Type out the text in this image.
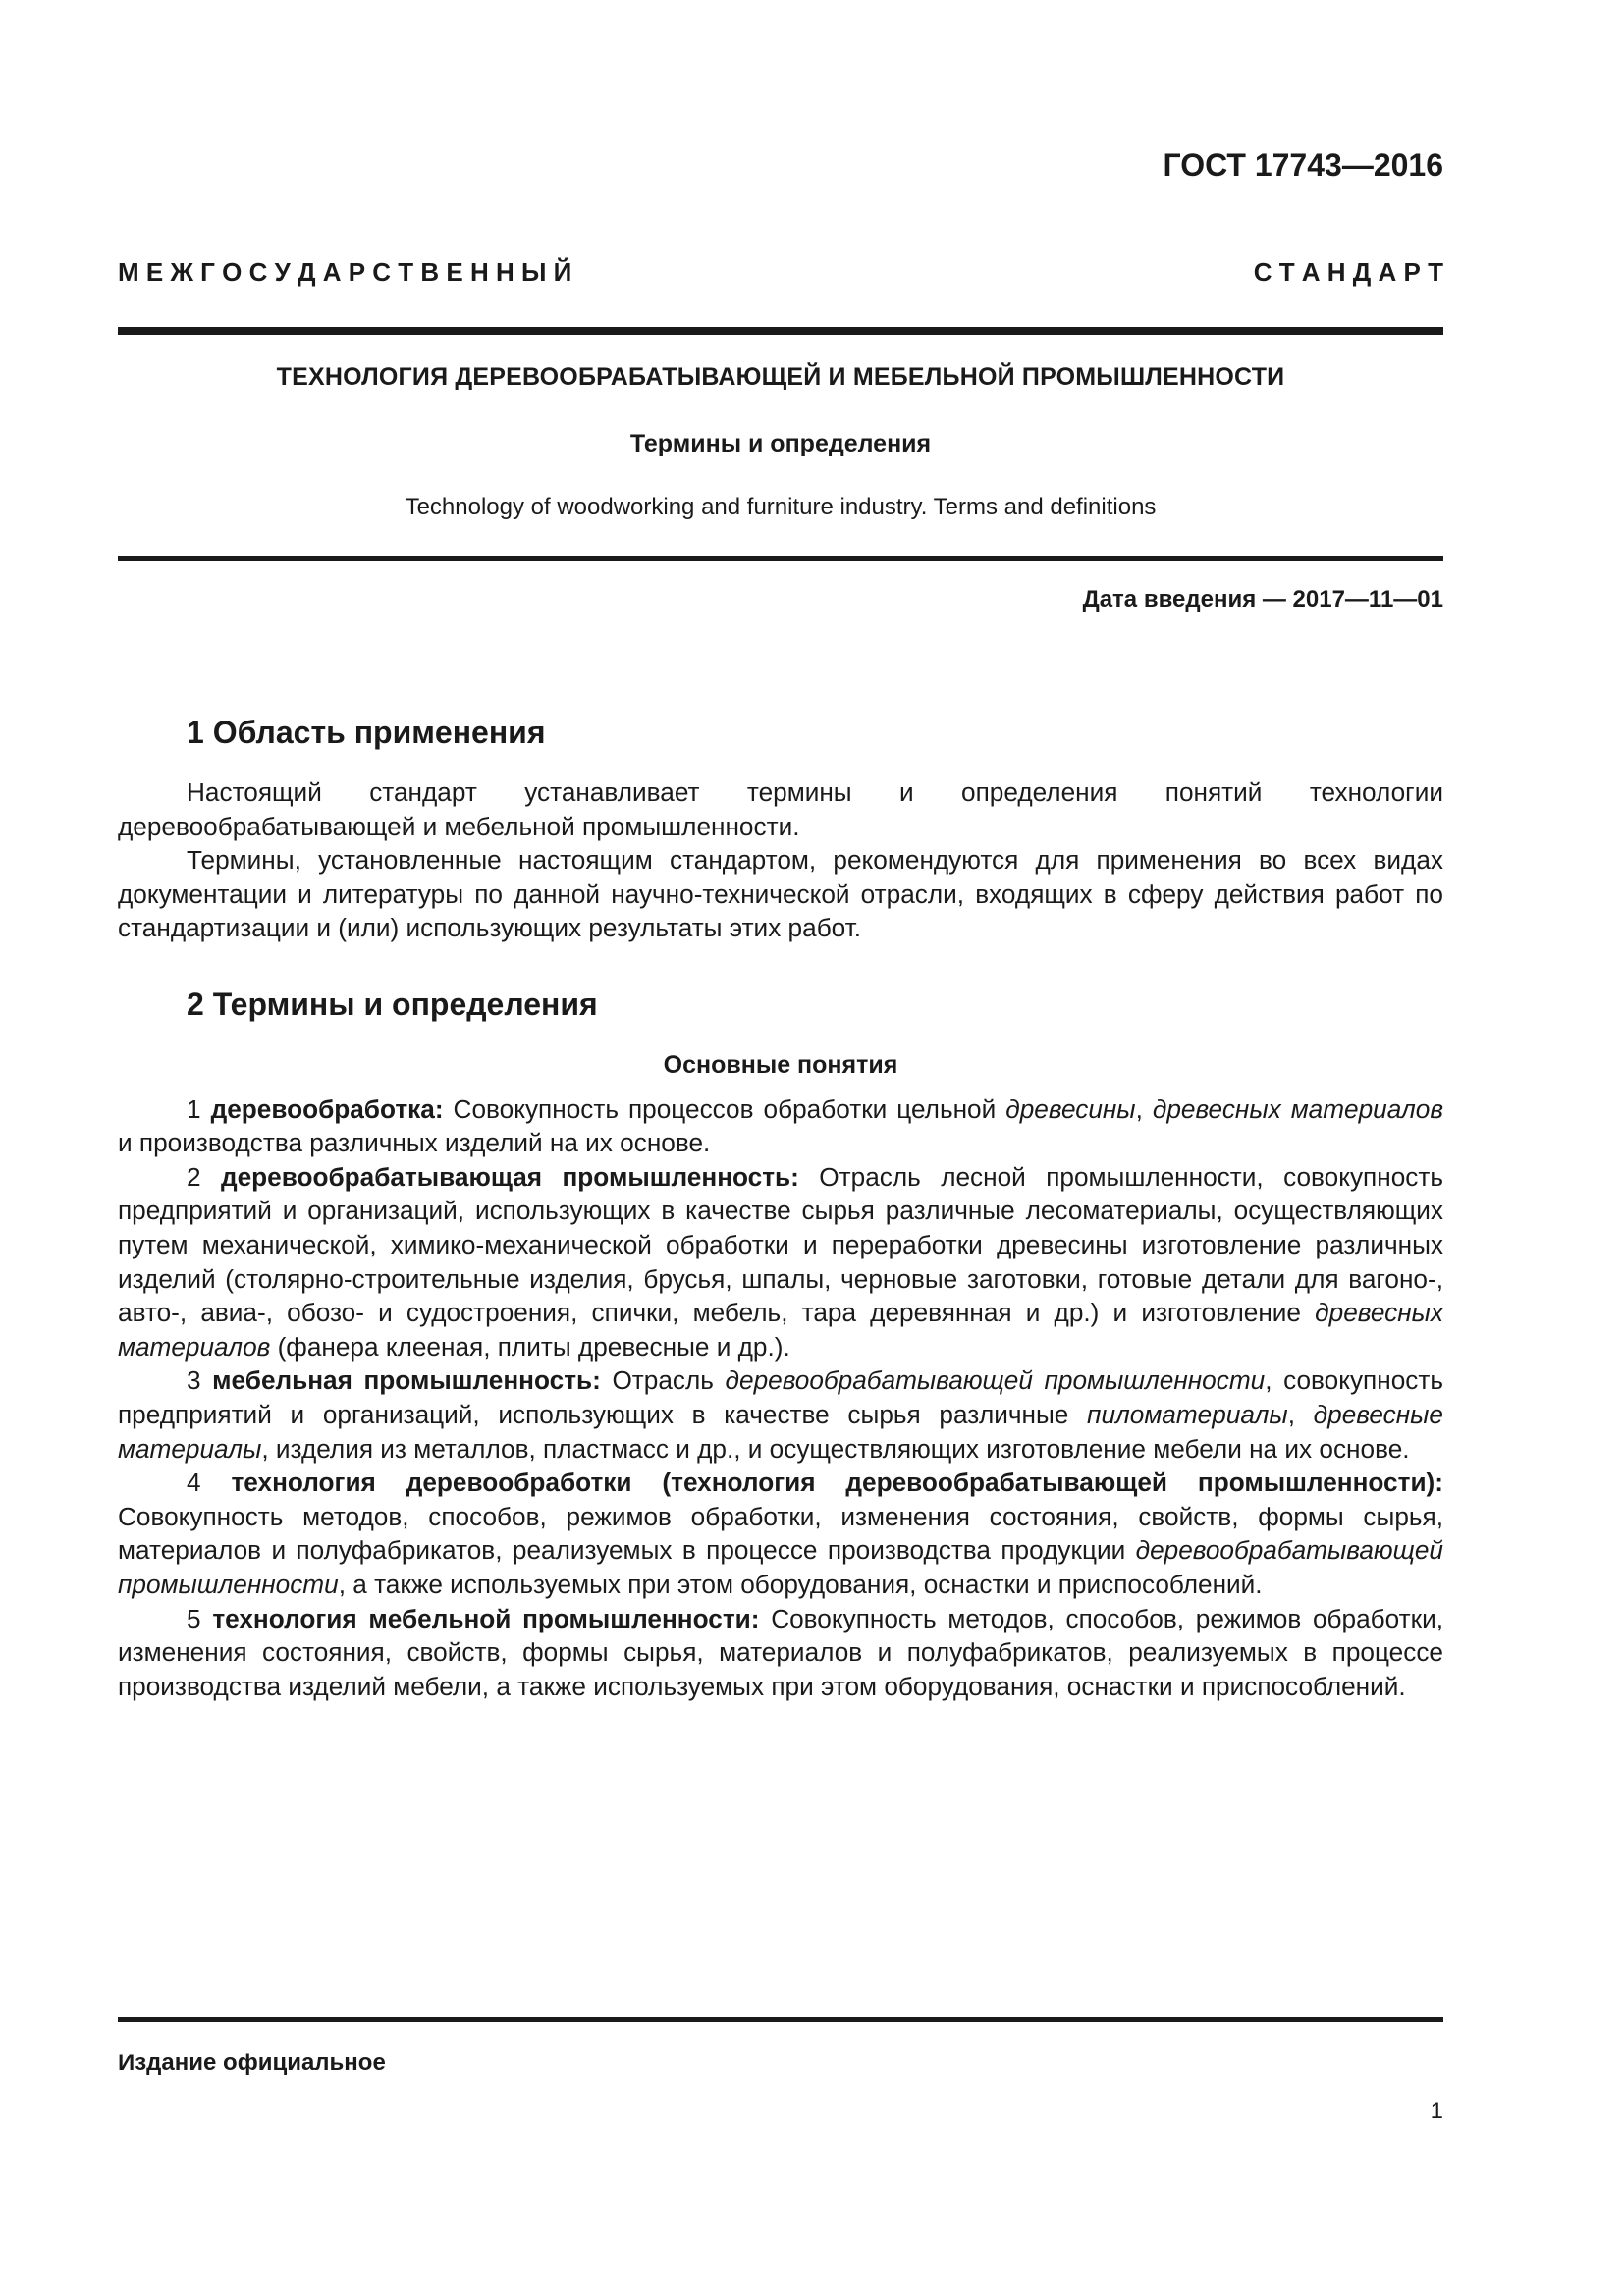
ГОСТ 17743—2016
М Е Ж Г О С У Д А Р С Т В Е Н Н Ы Й	С Т А Н Д А Р Т
ТЕХНОЛОГИЯ ДЕРЕВООБРАБАТЫВАЮЩЕЙ И МЕБЕЛЬНОЙ ПРОМЫШЛЕННОСТИ
Термины и определения
Technology of woodworking and furniture industry. Terms and definitions
Дата введения — 2017—11—01
1 Область применения

Настоящий стандарт устанавливает термины и определения понятий технологии деревообрабатывающей и мебельной промышленности.

Термины, установленные настоящим стандартом, рекомендуются для применения во всех видах документации и литературы по данной научно-технической отрасли, входящих в сферу действия работ по стандартизации и (или) использующих результаты этих работ.

2 Термины и определения
Основные понятия

1 деревообработка: Совокупность процессов обработки цельной древесины, древесных материалов и производства различных изделий на их основе.

2 деревообрабатывающая промышленность: Отрасль лесной промышленности, совокупность предприятий и организаций, использующих в качестве сырья различные лесоматериалы, осуществляющих путем механической, химико-механической обработки и переработки древесины изготовление различных изделий (столярно-строительные изделия, брусья, шпалы, черновые заготовки, готовые детали для вагоно-, авто-, авиа-, обозо- и судостроения, спички, мебель, тара деревянная и др.) и изготовление древесных материалов (фанера клееная, плиты древесные и др.).

3 мебельная промышленность: Отрасль деревообрабатывающей промышленности, совокупность предприятий и организаций, использующих в качестве сырья различные пиломатериалы, древесные материалы, изделия из металлов, пластмасс и др., и осуществляющих изготовление мебели на их основе.

4 технология деревообработки (технология деревообрабатывающей промышленности): Совокупность методов, способов, режимов обработки, изменения состояния, свойств, формы сырья, материалов и полуфабрикатов, реализуемых в процессе производства продукции деревообрабатывающей промышленности, а также используемых при этом оборудования, оснастки и приспособлений.

5 технология мебельной промышленности: Совокупность методов, способов, режимов обработки, изменения состояния, свойств, формы сырья, материалов и полуфабрикатов, реализуемых в процессе производства изделий мебели, а также используемых при этом оборудования, оснастки и приспособлений.

Издание официальное
1
